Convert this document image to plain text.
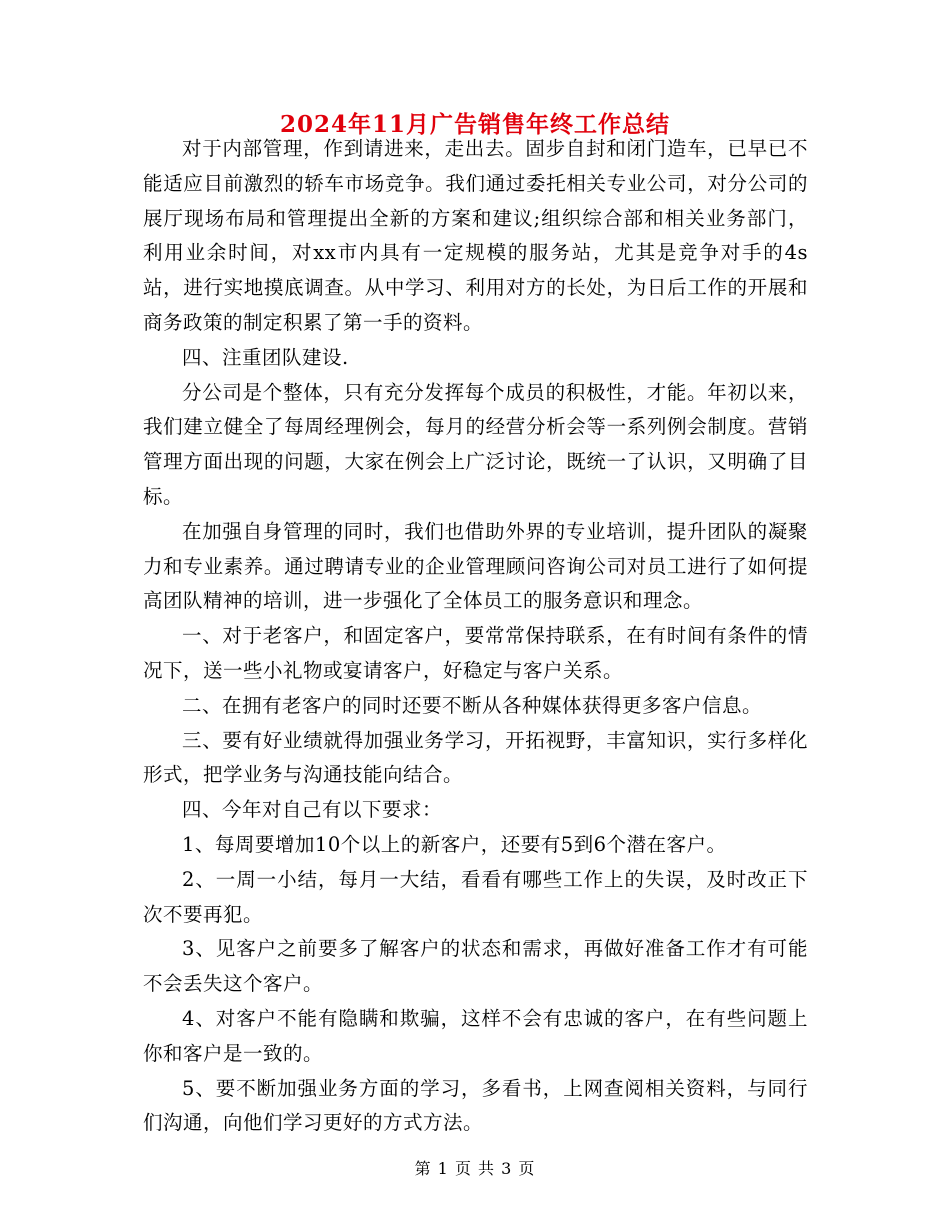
2024年11月广告销售年终工作总结

对于内部管理，作到请进来，走出去。固步自封和闭门造车，已早已不能适应目前激烈的轿车市场竞争。我们通过委托相关专业公司，对分公司的展厅现场布局和管理提出全新的方案和建议;组织综合部和相关业务部门，利用业余时间，对xx市内具有一定规模的服务站，尤其是竞争对手的4s站，进行实地摸底调查。从中学习、利用对方的长处，为日后工作的开展和商务政策的制定积累了第一手的资料。

四、注重团队建设.

分公司是个整体，只有充分发挥每个成员的积极性，才能。年初以来，我们建立健全了每周经理例会，每月的经营分析会等一系列例会制度。营销管理方面出现的问题，大家在例会上广泛讨论，既统一了认识，又明确了目标。

在加强自身管理的同时，我们也借助外界的专业培训，提升团队的凝聚力和专业素养。通过聘请专业的企业管理顾问咨询公司对员工进行了如何提高团队精神的培训，进一步强化了全体员工的服务意识和理念。

一、对于老客户，和固定客户，要常常保持联系，在有时间有条件的情况下，送一些小礼物或宴请客户，好稳定与客户关系。

二、在拥有老客户的同时还要不断从各种媒体获得更多客户信息。

三、要有好业绩就得加强业务学习，开拓视野，丰富知识，实行多样化形式，把学业务与沟通技能向结合。

四、今年对自己有以下要求：

1、每周要增加10个以上的新客户，还要有5到6个潜在客户。

2、一周一小结，每月一大结，看看有哪些工作上的失误，及时改正下次不要再犯。

3、见客户之前要多了解客户的状态和需求，再做好准备工作才有可能不会丢失这个客户。

4、对客户不能有隐瞒和欺骗，这样不会有忠诚的客户，在有些问题上你和客户是一致的。

5、要不断加强业务方面的学习，多看书，上网查阅相关资料，与同行们沟通，向他们学习更好的方式方法。

第 1 页 共 3 页
